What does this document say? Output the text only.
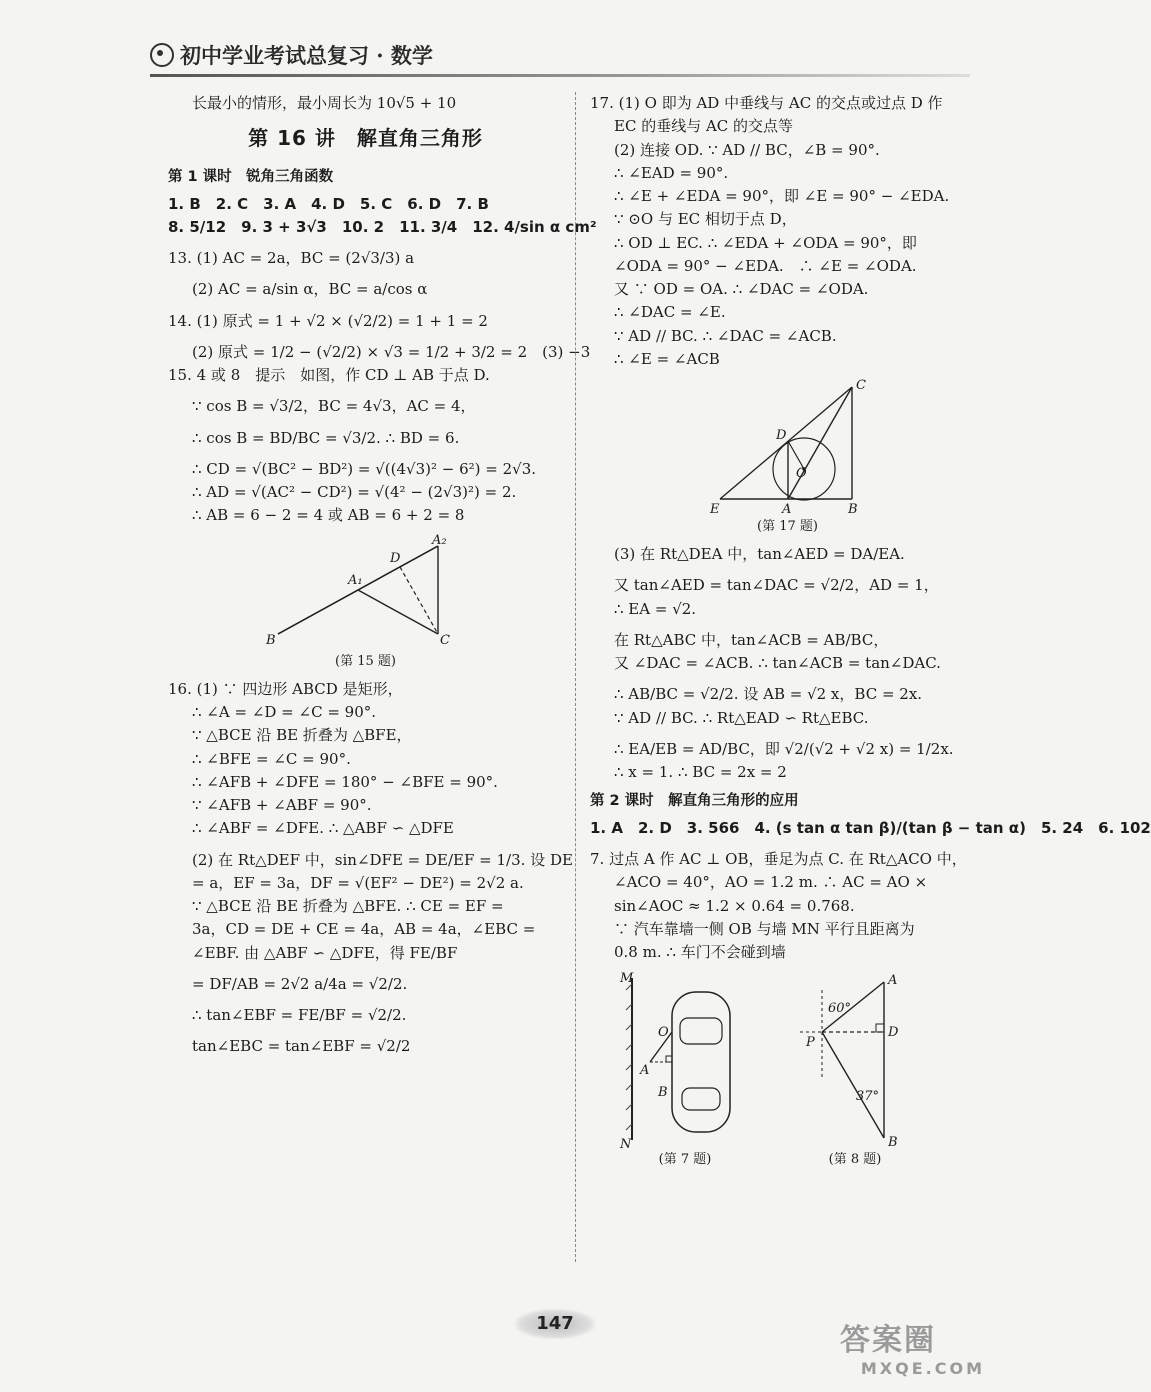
初中学业考试总复习 · 数学
长最小的情形，最小周长为 10√5 + 10
第 16 讲　解直角三角形
第 1 课时　锐角三角函数
1. B　2. C　3. A　4. D　5. C　6. D　7. B
8. 5/12　9. 3 + 3√3　10. 2　11. 3/4　12. 4/sin α cm²
13. (1) AC = 2a，BC = (2√3/3) a
(2) AC = a/sin α，BC = a/cos α
14. (1) 原式 = 1 + √2 × (√2/2) = 1 + 1 = 2
(2) 原式 = 1/2 − (√2/2) × √3 = 1/2 + 3/2 = 2　(3) −3
15. 4 或 8　提示　如图，作 CD ⊥ AB 于点 D.
∵ cos B = √3/2，BC = 4√3，AC = 4，
∴ cos B = BD/BC = √3/2. ∴ BD = 6.
∴ CD = √(BC² − BD²) = √((4√3)² − 6²) = 2√3.
∴ AD = √(AC² − CD²) = √(4² − (2√3)²) = 2.
∴ AB = 6 − 2 = 4 或 AB = 6 + 2 = 8
A₂
D
A₁
B	C
(第 15 题)
16. (1) ∵ 四边形 ABCD 是矩形，
∴ ∠A = ∠D = ∠C = 90°.
∵ △BCE 沿 BE 折叠为 △BFE，
∴ ∠BFE = ∠C = 90°.
∴ ∠AFB + ∠DFE = 180° − ∠BFE = 90°.
∵ ∠AFB + ∠ABF = 90°.
∴ ∠ABF = ∠DFE. ∴ △ABF ∽ △DFE
(2) 在 Rt△DEF 中，sin∠DFE = DE/EF = 1/3. 设 DE
= a，EF = 3a，DF = √(EF² − DE²) = 2√2 a.
∵ △BCE 沿 BE 折叠为 △BFE. ∴ CE = EF =
3a，CD = DE + CE = 4a，AB = 4a，∠EBC =
∠EBF. 由 △ABF ∽ △DFE，得 FE/BF
= DF/AB = 2√2 a/4a = √2/2.
∴ tan∠EBF = FE/BF = √2/2.
tan∠EBC = tan∠EBF = √2/2
17. (1) O 即为 AD 中垂线与 AC 的交点或过点 D 作
EC 的垂线与 AC 的交点等
(2) 连接 OD. ∵ AD // BC，∠B = 90°.
∴ ∠EAD = 90°.
∴ ∠E + ∠EDA = 90°，即 ∠E = 90° − ∠EDA.
∵ ⊙O 与 EC 相切于点 D，
∴ OD ⊥ EC. ∴ ∠EDA + ∠ODA = 90°，即
∠ODA = 90° − ∠EDA.　∴ ∠E = ∠ODA.
又 ∵ OD = OA. ∴ ∠DAC = ∠ODA.
∴ ∠DAC = ∠E.
∵ AD // BC. ∴ ∠DAC = ∠ACB.
∴ ∠E = ∠ACB
C
D
O
E	A	B
(第 17 题)
(3) 在 Rt△DEA 中，tan∠AED = DA/EA.
又 tan∠AED = tan∠DAC = √2/2，AD = 1，
∴ EA = √2.
在 Rt△ABC 中，tan∠ACB = AB/BC，
又 ∠DAC = ∠ACB. ∴ tan∠ACB = tan∠DAC.
∴ AB/BC = √2/2. 设 AB = √2 x，BC = 2x.
∵ AD // BC. ∴ Rt△EAD ∽ Rt△EBC.
∴ EA/EB = AD/BC，即 √2/(√2 + √2 x) = 1/2x.
∴ x = 1. ∴ BC = 2x = 2
第 2 课时　解直角三角形的应用
1. A　2. D　3. 566　4. (s tan α tan β)/(tan β − tan α)　5. 24　6. 102
7. 过点 A 作 AC ⊥ OB，垂足为点 C. 在 Rt△ACO 中，
∠ACO = 40°，AO = 1.2 m. ∴ AC = AO ×
sin∠AOC ≈ 1.2 × 0.64 = 0.768.
∵ 汽车靠墙一侧 OB 与墙 MN 平行且距离为
0.8 m. ∴ 车门不会碰到墙
M
O
A
B
N
(第 7 题)
A
60°
D
P
37°
B
(第 8 题)
147	答案圈
MXQE.COM
